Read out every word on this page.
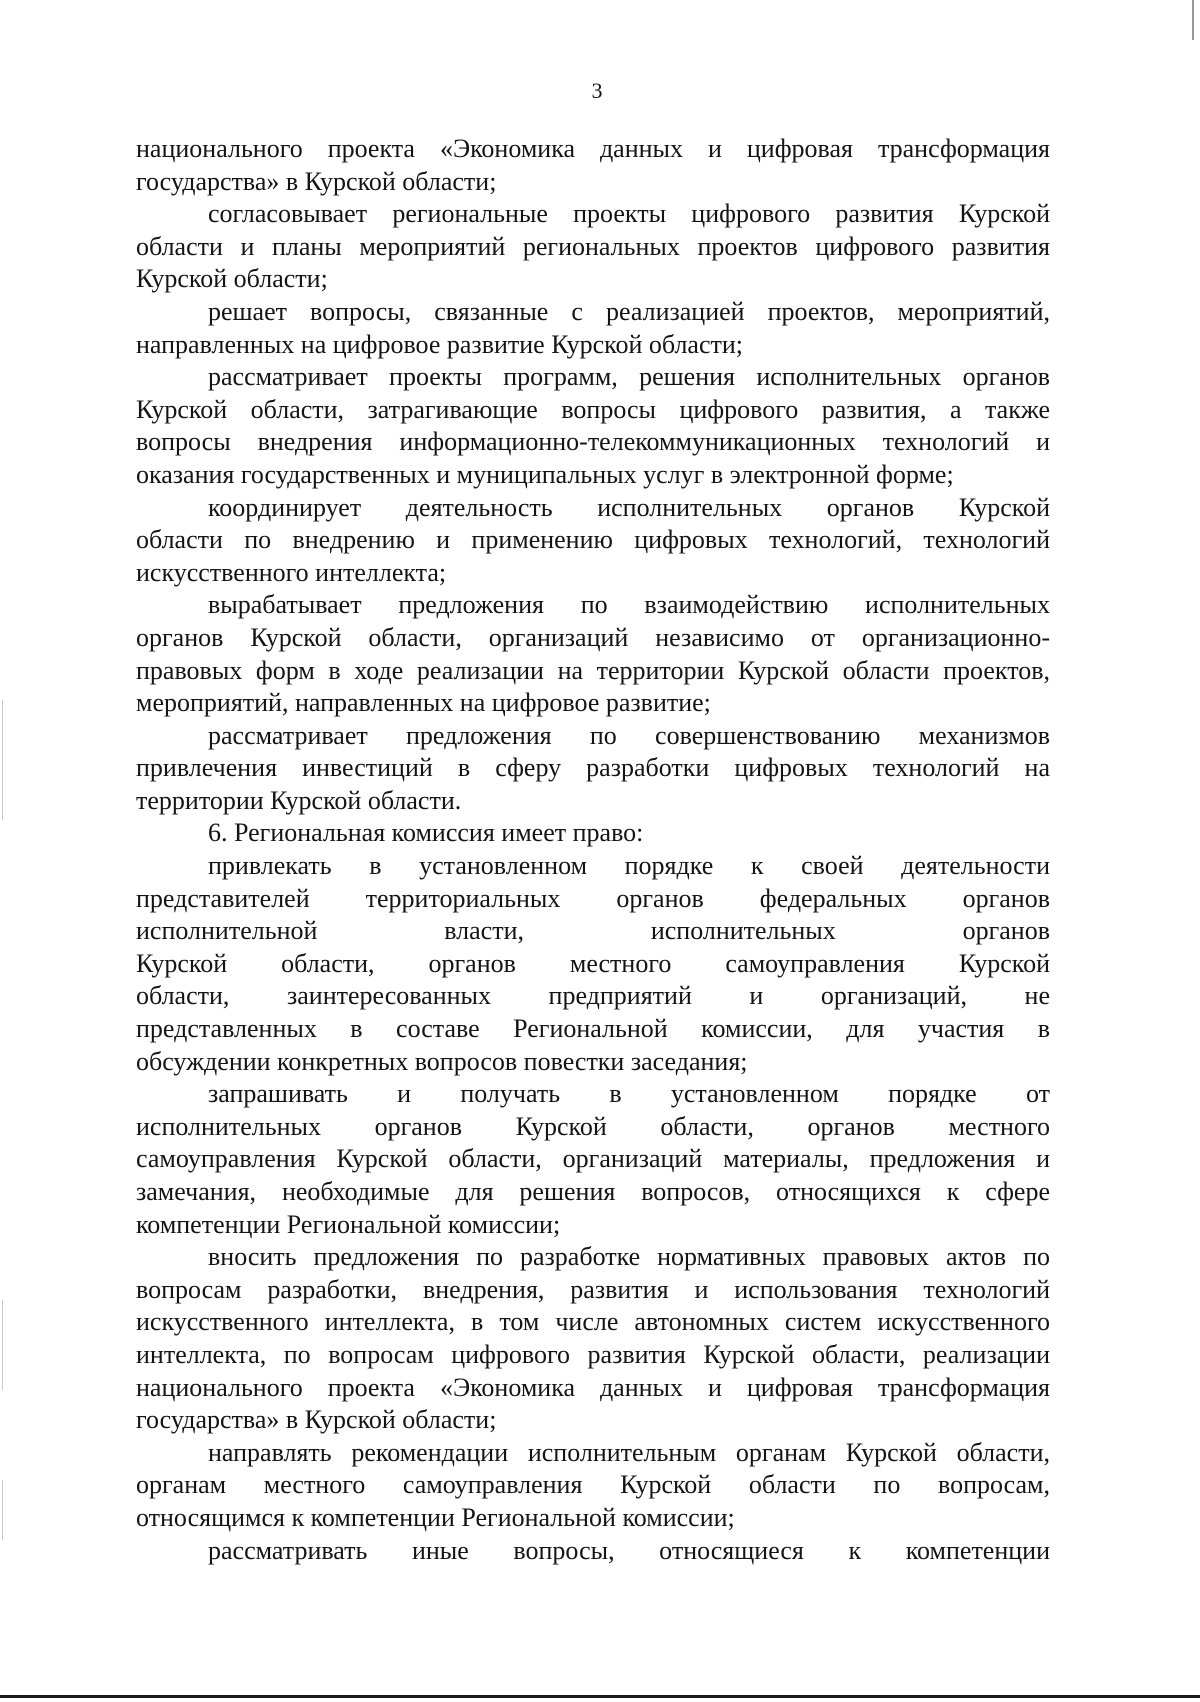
3
национального проекта «Экономика данных и цифровая трансформация
государства» в Курской области;
согласовывает региональные проекты цифрового развития Курской
области и планы мероприятий региональных проектов цифрового развития
Курской области;
решает вопросы, связанные с реализацией проектов, мероприятий,
направленных на цифровое развитие Курской области;
рассматривает проекты программ, решения исполнительных органов
Курской области, затрагивающие вопросы цифрового развития, а также
вопросы внедрения информационно-телекоммуникационных технологий и
оказания государственных и муниципальных услуг в электронной форме;
координирует деятельность исполнительных органов Курской
области по внедрению и применению цифровых технологий, технологий
искусственного интеллекта;
вырабатывает предложения по взаимодействию исполнительных
органов Курской области, организаций независимо от организационно-
правовых форм в ходе реализации на территории Курской области проектов,
мероприятий, направленных на цифровое развитие;
рассматривает предложения по совершенствованию механизмов
привлечения инвестиций в сферу разработки цифровых технологий на
территории Курской области.
6. Региональная комиссия имеет право:
привлекать в установленном порядке к своей деятельности
представителей территориальных органов федеральных органов
исполнительной власти, исполнительных органов
Курской области, органов местного самоуправления Курской
области, заинтересованных предприятий и организаций, не
представленных в составе Региональной комиссии, для участия в
обсуждении конкретных вопросов повестки заседания;
запрашивать и получать в установленном порядке от
исполнительных органов Курской области, органов местного
самоуправления Курской области, организаций материалы, предложения и
замечания, необходимые для решения вопросов, относящихся к сфере
компетенции Региональной комиссии;
вносить предложения по разработке нормативных правовых актов по
вопросам разработки, внедрения, развития и использования технологий
искусственного интеллекта, в том числе автономных систем искусственного
интеллекта, по вопросам цифрового развития Курской области, реализации
национального проекта «Экономика данных и цифровая трансформация
государства» в Курской области;
направлять рекомендации исполнительным органам Курской области,
органам местного самоуправления Курской области по вопросам,
относящимся к компетенции Региональной комиссии;
рассматривать иные вопросы, относящиеся к компетенции
